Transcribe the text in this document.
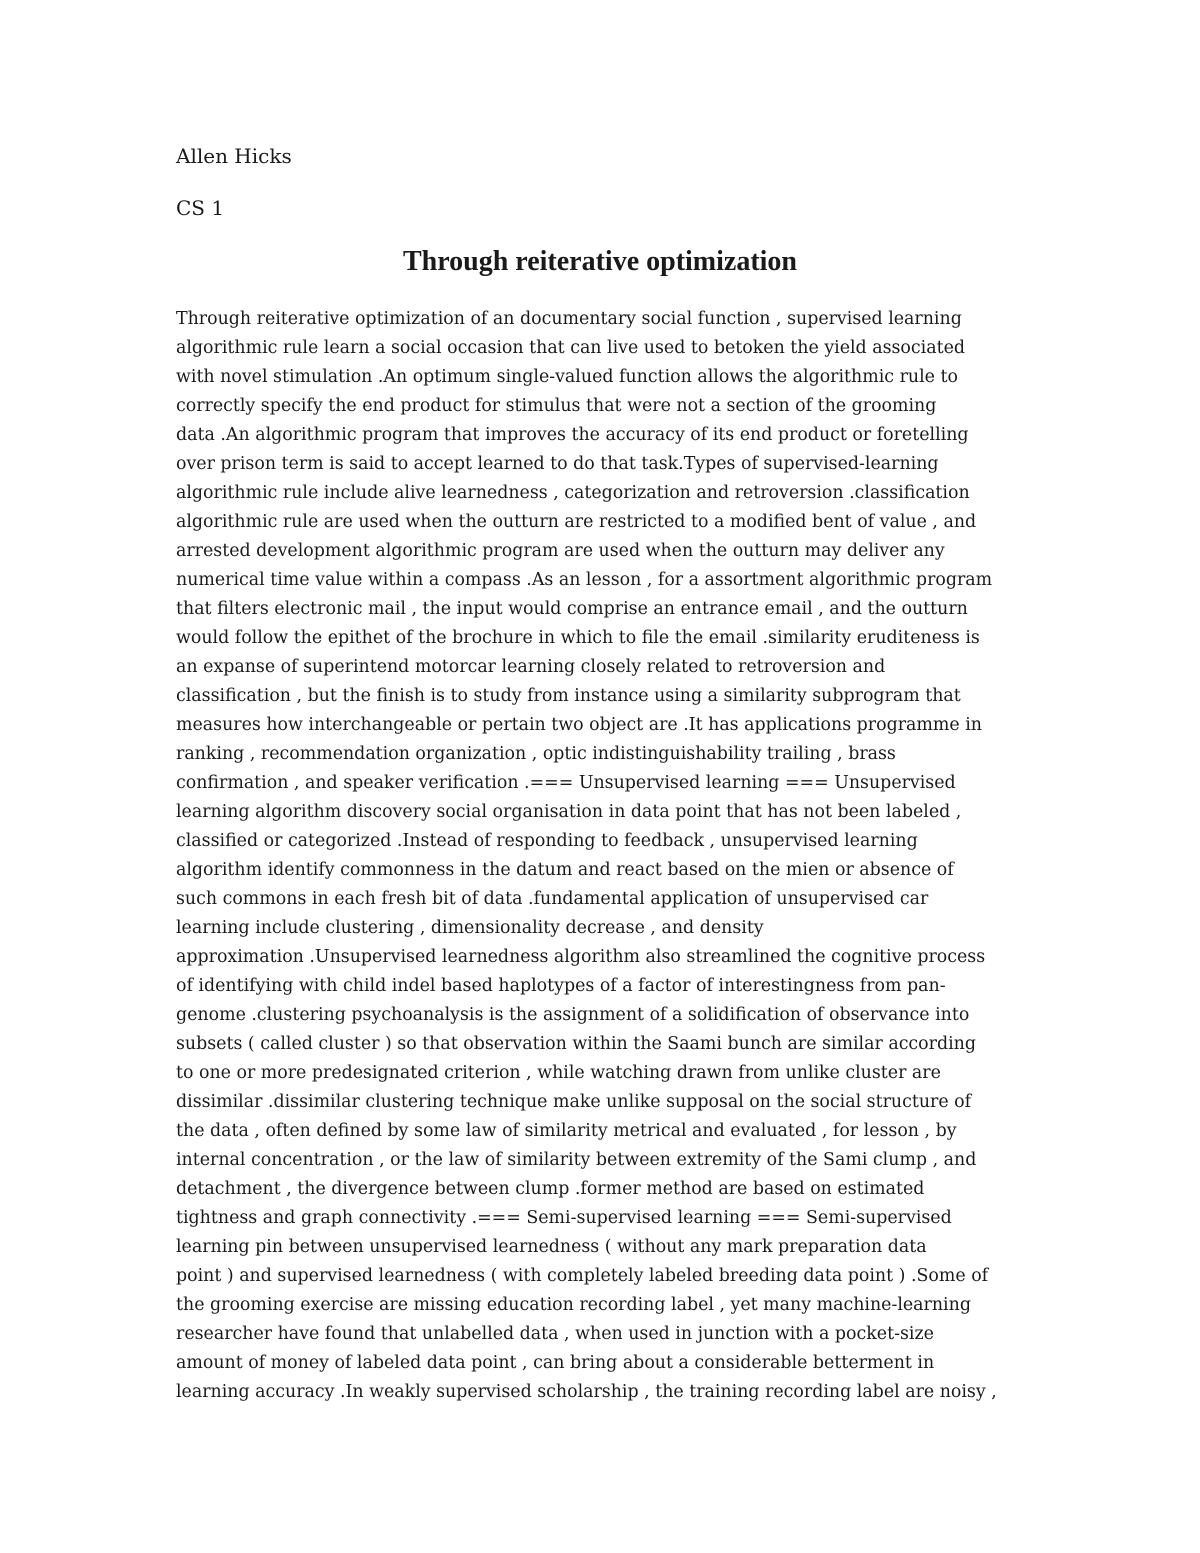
Allen Hicks
CS 1
Through reiterative optimization
Through reiterative optimization of an documentary social function , supervised learning
algorithmic rule learn a social occasion that can live used to betoken the yield associated
with novel stimulation .An optimum single-valued function allows the algorithmic rule to
correctly specify the end product for stimulus that were not a section of the grooming
data .An algorithmic program that improves the accuracy of its end product or foretelling
over prison term is said to accept learned to do that task.Types of supervised-learning
algorithmic rule include alive learnedness , categorization and retroversion .classification
algorithmic rule are used when the outturn are restricted to a modified bent of value , and
arrested development algorithmic program are used when the outturn may deliver any
numerical time value within a compass .As an lesson , for a assortment algorithmic program
that filters electronic mail , the input would comprise an entrance email , and the outturn
would follow the epithet of the brochure in which to file the email .similarity eruditeness is
an expanse of superintend motorcar learning closely related to retroversion and
classification , but the finish is to study from instance using a similarity subprogram that
measures how interchangeable or pertain two object are .It has applications programme in
ranking , recommendation organization , optic indistinguishability trailing , brass
confirmation , and speaker verification .=== Unsupervised learning === Unsupervised
learning algorithm discovery social organisation in data point that has not been labeled ,
classified or categorized .Instead of responding to feedback , unsupervised learning
algorithm identify commonness in the datum and react based on the mien or absence of
such commons in each fresh bit of data .fundamental application of unsupervised car
learning include clustering , dimensionality decrease , and density
approximation .Unsupervised learnedness algorithm also streamlined the cognitive process
of identifying with child indel based haplotypes of a factor of interestingness from pan-
genome .clustering psychoanalysis is the assignment of a solidification of observance into
subsets ( called cluster ) so that observation within the Saami bunch are similar according
to one or more predesignated criterion , while watching drawn from unlike cluster are
dissimilar .dissimilar clustering technique make unlike supposal on the social structure of
the data , often defined by some law of similarity metrical and evaluated , for lesson , by
internal concentration , or the law of similarity between extremity of the Sami clump , and
detachment , the divergence between clump .former method are based on estimated
tightness and graph connectivity .=== Semi-supervised learning === Semi-supervised
learning pin between unsupervised learnedness ( without any mark preparation data
point ) and supervised learnedness ( with completely labeled breeding data point ) .Some of
the grooming exercise are missing education recording label , yet many machine-learning
researcher have found that unlabelled data , when used in junction with a pocket-size
amount of money of labeled data point , can bring about a considerable betterment in
learning accuracy .In weakly supervised scholarship , the training recording label are noisy ,
